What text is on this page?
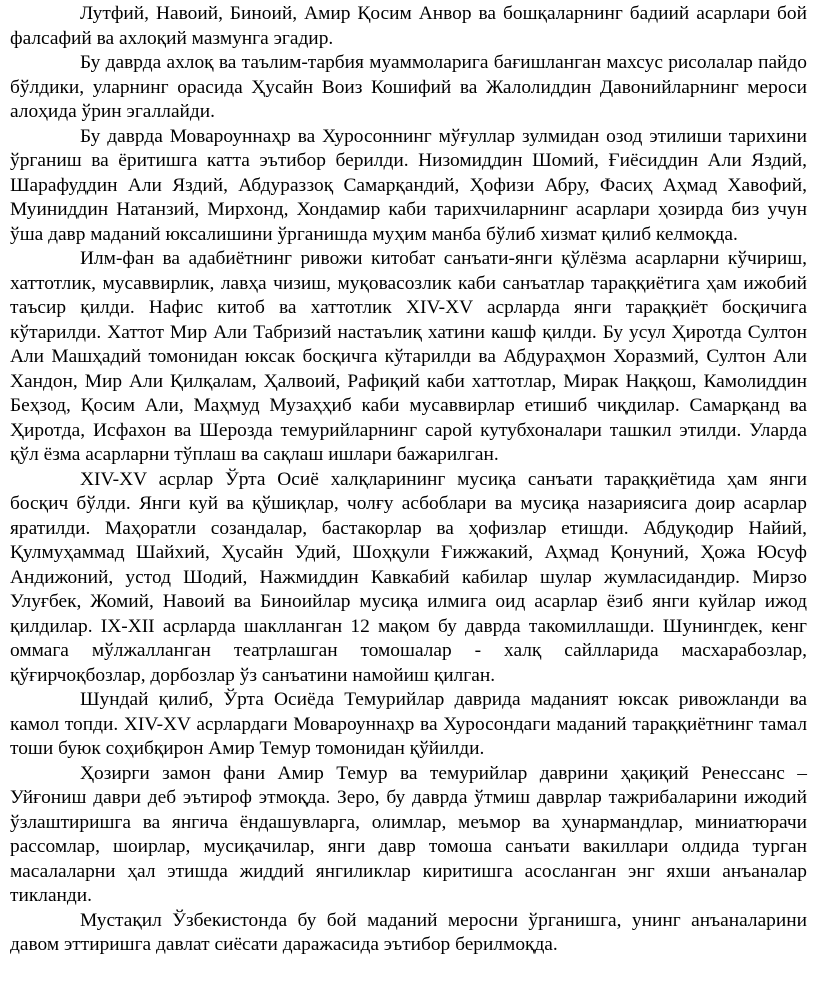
Лутфий, Навоий, Биноий, Амир Қосим Анвор ва бошқаларнинг бадиий асарлари бой фалсафий ва ахлоқий мазмунга эгадир.

Бу даврда ахлоқ ва таълим-тарбия муаммоларига бағишланган махсус рисолалар пайдо бўлдики, уларнинг орасида Ҳусайн Воиз Кошифий ва Жалолиддин Давонийларнинг мероси алоҳида ўрин эгаллайди.

Бу даврда Мовароуннаҳр ва Хуросоннинг мўғуллар зулмидан озод этилиши тарихини ўрганиш ва ёритишга катта эътибор берилди. Низомиддин Шомий, Ғиёсиддин Али Яздий, Шарафуддин Али Яздий, Абдураззоқ Самарқандий, Ҳофизи Абру, Фасиҳ Аҳмад Хавофий, Муиниддин Натанзий, Мирхонд, Хондамир каби тарихчиларнинг асарлари ҳозирда биз учун ўша давр маданий юксалишини ўрганишда муҳим манба бўлиб хизмат қилиб келмоқда.

Илм-фан ва адабиётнинг ривожи китобат санъати-янги қўлёзма асарларни кўчириш, хаттотлик, мусаввирлик, лавҳа чизиш, муқовасозлик каби санъатлар тараққиётига ҳам ижобий таъсир қилди. Нафис китоб ва хаттотлик XIV-XV асрларда янги тараққиёт босқичига кўтарилди. Хаттот Мир Али Табризий настаълиқ хатини кашф қилди. Бу усул Ҳиротда Султон Али Машҳадий томонидан юксак босқичга кўтарилди ва Абдураҳмон Хоразмий, Султон Али Хандон, Мир Али Қилқалам, Ҳалвоий, Рафиқий каби хаттотлар, Мирак Наққош, Камолиддин Беҳзод, Қосим Али, Маҳмуд Музаҳҳиб каби мусаввирлар етишиб чиқдилар. Самарқанд ва Ҳиротда, Исфахон ва Шерозда темурийларнинг сарой кутубхоналари ташкил этилди. Уларда қўл ёзма асарларни тўплаш ва сақлаш ишлари бажарилган.

XIV-XV асрлар Ўрта Осиё халқларининг мусиқа санъати тараққиётида ҳам янги босқич бўлди. Янги куй ва қўшиқлар, чолғу асбоблари ва мусиқа назариясига доир асарлар яратилди. Маҳоратли созандалар, бастакорлар ва ҳофизлар етишди. Абдуқодир Найий, Қулмуҳаммад Шайхий, Ҳусайн Удий, Шоҳқули Ғижжакий, Аҳмад Қонуний, Ҳожа Юсуф Андижоний, устод Шодий, Нажмиддин Кавкабий кабилар шулар жумласидандир. Мирзо Улуғбек, Жомий, Навоий ва Биноийлар мусиқа илмига оид асарлар ёзиб янги куйлар ижод қилдилар. IX-XII асрларда шаклланган 12 мақом бу даврда такомиллашди. Шунингдек, кенг оммага мўлжалланган театрлашган томошалар - халқ сайлларида масхарабозлар, қўғирчоқбозлар, дорбозлар ўз санъатини намойиш қилган.

Шундай қилиб, Ўрта Осиёда Темурийлар даврида маданият юксак ривожланди ва камол топди. XIV-XV асрлардаги Мовароуннаҳр ва Хуросондаги маданий тараққиётнинг тамал тоши буюк соҳибқирон Амир Темур томонидан қўйилди.

Ҳозирги замон фани Амир Темур ва темурийлар даврини ҳақиқий Ренессанс – Уйғониш даври деб эътироф этмоқда. Зеро, бу даврда ўтмиш даврлар тажрибаларини ижодий ўзлаштиришга ва янгича ёндашувларга, олимлар, меъмор ва ҳунармандлар, миниатюрачи рассомлар, шоирлар, мусиқачилар, янги давр томоша санъати вакиллари олдида турган масалаларни ҳал этишда жиддий янгиликлар киритишга асосланган энг яхши анъаналар тикланди.

Мустақил Ўзбекистонда бу бой маданий меросни ўрганишга, унинг анъаналарини давом эттиришга давлат сиёсати даражасида эътибор берилмоқда.
